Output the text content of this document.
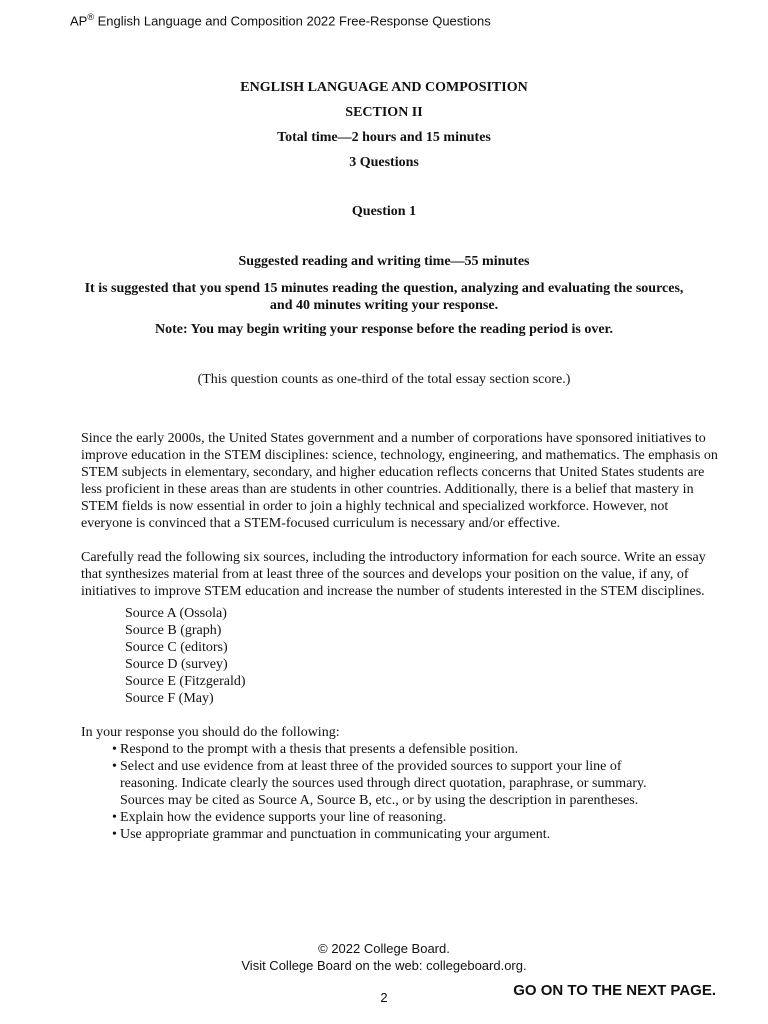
AP® English Language and Composition 2022 Free-Response Questions
ENGLISH LANGUAGE AND COMPOSITION
SECTION II
Total time—2 hours and 15 minutes
3 Questions
Question 1
Suggested reading and writing time—55 minutes
It is suggested that you spend 15 minutes reading the question, analyzing and evaluating the sources,
and 40 minutes writing your response.
Note: You may begin writing your response before the reading period is over.
(This question counts as one-third of the total essay section score.)
Since the early 2000s, the United States government and a number of corporations have sponsored initiatives to improve education in the STEM disciplines: science, technology, engineering, and mathematics. The emphasis on STEM subjects in elementary, secondary, and higher education reflects concerns that United States students are less proficient in these areas than are students in other countries. Additionally, there is a belief that mastery in STEM fields is now essential in order to join a highly technical and specialized workforce. However, not everyone is convinced that a STEM-focused curriculum is necessary and/or effective.
Carefully read the following six sources, including the introductory information for each source. Write an essay that synthesizes material from at least three of the sources and develops your position on the value, if any, of initiatives to improve STEM education and increase the number of students interested in the STEM disciplines.
Source A (Ossola)
Source B (graph)
Source C (editors)
Source D (survey)
Source E (Fitzgerald)
Source F (May)
In your response you should do the following:
• Respond to the prompt with a thesis that presents a defensible position.
• Select and use evidence from at least three of the provided sources to support your line of reasoning. Indicate clearly the sources used through direct quotation, paraphrase, or summary. Sources may be cited as Source A, Source B, etc., or by using the description in parentheses.
• Explain how the evidence supports your line of reasoning.
• Use appropriate grammar and punctuation in communicating your argument.
© 2022 College Board.
Visit College Board on the web: collegeboard.org.
2	GO ON TO THE NEXT PAGE.
